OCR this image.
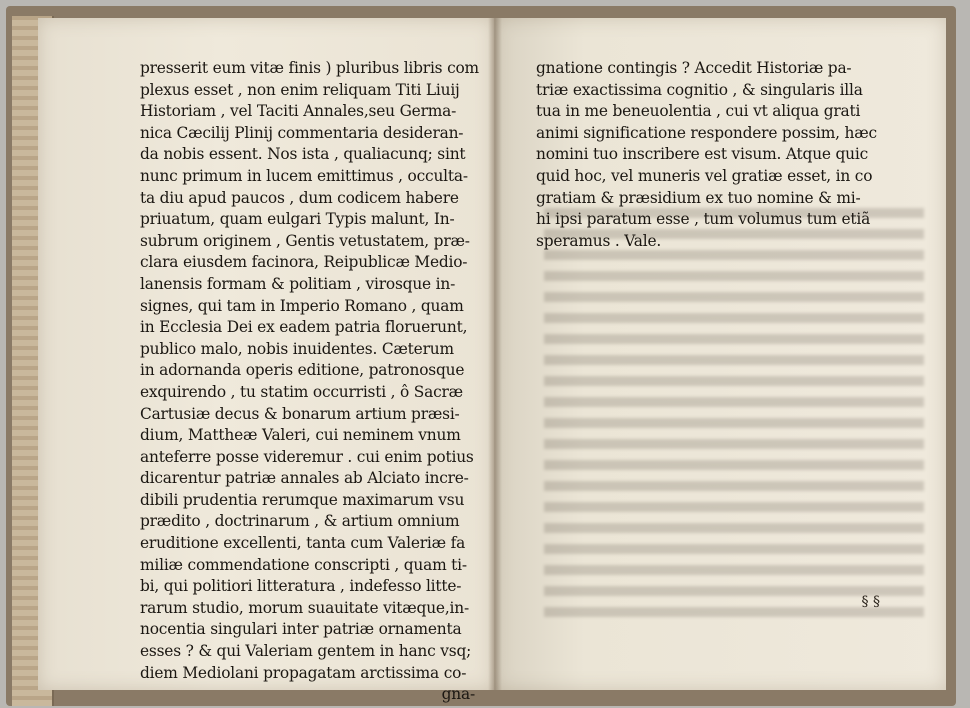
presserit eum vitæ finis ) pluribus libris com
plexus esset , non enim reliquam Titi Liuij
Historiam , vel Taciti Annales,seu Germa-
nica Cæcilij Plinij commentaria desideran-
da nobis essent. Nos ista , qualiacunq; sint
nunc primum in lucem emittimus , occulta-
ta diu apud paucos , dum codicem habere
priuatum, quam eulgari Typis malunt, In-
subrum originem , Gentis vetustatem, præ-
clara eiusdem facinora, Reipublicæ Medio-
lanensis formam & politiam , virosque in-
signes, qui tam in Imperio Romano , quam
in Ecclesia Dei ex eadem patria floruerunt,
publico malo, nobis inuidentes. Cæterum
in adornanda operis editione, patronosque
exquirendo , tu statim occurristi , ô Sacræ
Cartusiæ decus & bonarum artium præsi-
dium, Mattheæ Valeri, cui neminem vnum
anteferre posse videremur . cui enim potius
dicarentur patriæ annales ab Alciato incre-
dibili prudentia rerumque maximarum vsu
prædito , doctrinarum , & artium omnium
eruditione excellenti, tanta cum Valeriæ fa
miliæ commendatione conscripti , quam ti-
bi, qui politiori litteratura , indefesso litte-
rarum studio, morum suauitate vitæque,in-
nocentia singulari inter patriæ ornamenta
esses ? & qui Valeriam gentem in hanc vsq;
diem Mediolani propagatam arctissima co-
gna-
gnatione contingis ? Accedit Historiæ pa-
triæ exactissima cognitio , & singularis illa
tua in me beneuolentia , cui vt aliqua grati
animi significatione respondere possim, hæc
nomini tuo inscribere est visum. Atque quic
quid hoc, vel muneris vel gratiæ esset, in co
gratiam & præsidium ex tuo nomine & mi-
hi ipsi paratum esse , tum volumus tum etiã
speramus . Vale.
§ §
